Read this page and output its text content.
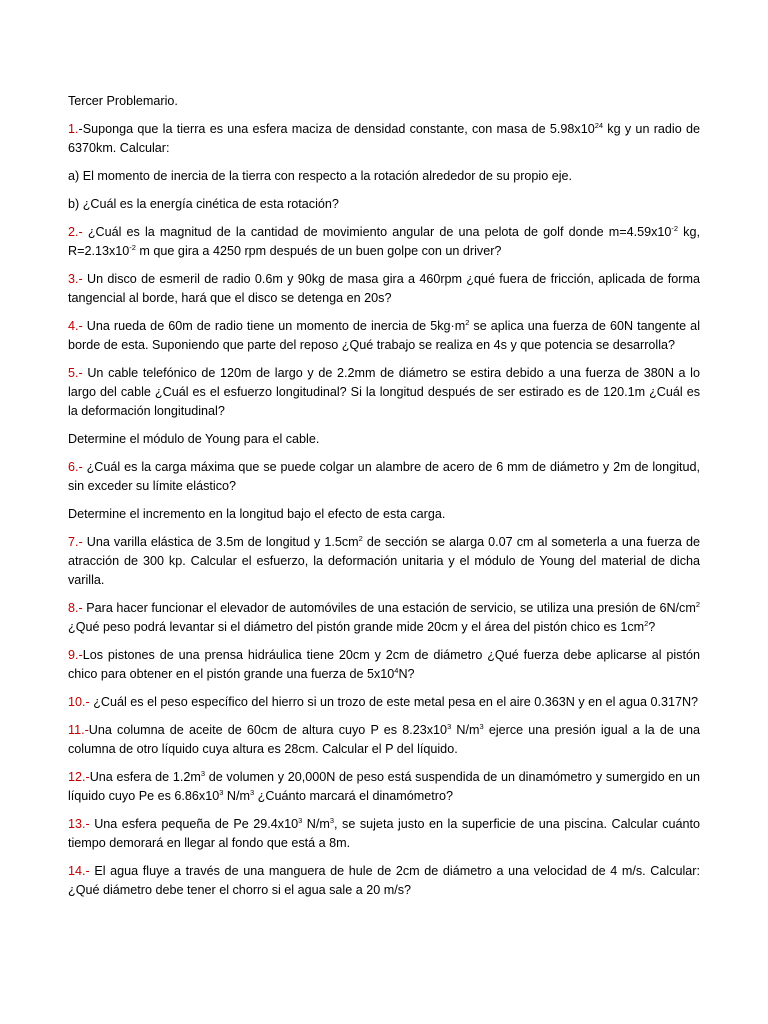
Tercer Problemario.

1.-Suponga que la tierra es una esfera maciza de densidad constante, con masa de $5.98x10^{24}$ kg y un radio de 6370km. Calcular:

a) El momento de inercia de la tierra con respecto a la rotación alrededor de su propio eje.

b) ¿Cuál es la energía cinética de esta rotación?

2.- ¿Cuál es la magnitud de la cantidad de movimiento angular de una pelota de golf donde $m=4.59x10^{-2}$ kg, $R=2.13x10^{-2}$ m que gira a 4250 rpm después de un buen golpe con un driver?

3.- Un disco de esmeril de radio 0.6m y 90kg de masa gira a 460rpm ¿qué fuera de fricción, aplicada de forma tangencial al borde, hará que el disco se detenga en 20s?

4.- Una rueda de 60m de radio tiene un momento de inercia de $5kg\cdot m^2$ se aplica una fuerza de 60N tangente al borde de esta. Suponiendo que parte del reposo ¿Qué trabajo se realiza en 4s y que potencia se desarrolla?

5.- Un cable telefónico de 120m de largo y de 2.2mm de diámetro se estira debido a una fuerza de 380N a lo largo del cable ¿Cuál es el esfuerzo longitudinal? Si la longitud después de ser estirado es de 120.1m ¿Cuál es la deformación longitudinal?

Determine el módulo de Young para el cable.

6.- ¿Cuál es la carga máxima que se puede colgar un alambre de acero de 6 mm de diámetro y 2m de longitud, sin exceder su límite elástico?

Determine el incremento en la longitud bajo el efecto de esta carga.

7.- Una varilla elástica de 3.5m de longitud y $1.5cm^2$ de sección se alarga 0.07 cm al someterla a una fuerza de atracción de 300 kp. Calcular el esfuerzo, la deformación unitaria y el módulo de Young del material de dicha varilla.

8.- Para hacer funcionar el elevador de automóviles de una estación de servicio, se utiliza una presión de $6N/cm^2$ ¿Qué peso podrá levantar si el diámetro del pistón grande mide 20cm y el área del pistón chico es $1cm^2$?

9.-Los pistones de una prensa hidráulica tiene 20cm y 2cm de diámetro ¿Qué fuerza debe aplicarse al pistón chico para obtener en el pistón grande una fuerza de $5x10^4N$?

10.- ¿Cuál es el peso específico del hierro si un trozo de este metal pesa en el aire 0.363N y en el agua 0.317N?

11.-Una columna de aceite de 60cm de altura cuyo P es $8.23x10^3$ $N/m^3$ ejerce una presión igual a la de una columna de otro líquido cuya altura es 28cm. Calcular el P del líquido.

12.-Una esfera de $1.2m^3$ de volumen y 20,000N de peso está suspendida de un dinamómetro y sumergido en un líquido cuyo Pe es $6.86x10^3$ $N/m^3$ ¿Cuánto marcará el dinamómetro?

13.- Una esfera pequeña de Pe $29.4x10^3$ $N/m^3$, se sujeta justo en la superficie de una piscina. Calcular cuánto tiempo demorará en llegar al fondo que está a 8m.

14.- El agua fluye a través de una manguera de hule de 2cm de diámetro a una velocidad de 4 m/s. Calcular: ¿Qué diámetro debe tener el chorro si el agua sale a 20 m/s?
